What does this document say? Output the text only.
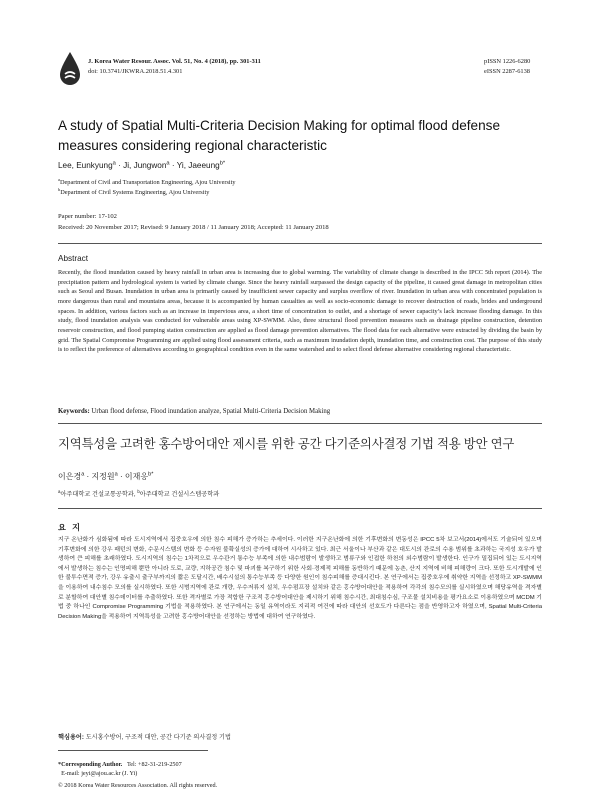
J. Korea Water Resour. Assoc. Vol. 51, No. 4 (2018), pp. 301-311
doi: 10.3741/JKWRA.2018.51.4.301
pISSN 1226-6280
eISSN 2287-6138
A study of Spatial Multi-Criteria Decision Making for optimal flood defense measures considering regional characteristic
Lee, Eunkyung$^a$ · Ji, Jungwon$^a$ · Yi, Jaeeung$^{b*}$
$^a$Department of Civil and Transportation Engineering, Ajou University
$^b$Department of Civil Systems Engineering, Ajou University
Paper number: 17-102
Received: 20 November 2017; Revised: 9 January 2018 / 11 January 2018; Accepted: 11 January 2018
Abstract

Recently, the flood inundation caused by heavy rainfall in urban area is increasing due to global warming. The variability of climate change is described in the IPCC 5th report (2014). The precipitation pattern and hydrological system is varied by climate change. Since the heavy rainfall surpassed the design capacity of the pipeline, it caused great damage in metropolitan cities such as Seoul and Busan. Inundation in urban area is primarily caused by insufficient sewer capacity and surplus overflow of river. Inundation in urban area with concentrated population is more dangerous than rural and mountains areas, because it is accompanied by human casualties as well as socio-economic damage to recover destruction of roads, brides and underground spaces. In addition, various factors such as an increase in impervious area, a short time of concentration to outlet, and a shortage of sewer capacity’s lack increase flooding damage. In this study, flood inundation analysis was conducted for vulnerable areas using XP-SWMM. Also, three structural flood prevention measures such as drainage pipeline construction, detention reservoir construction, and flood pumping station construction are applied as flood damage prevention alternatives. The flood data for each alternative were extracted by dividing the basin by grid. The Spatial Compromise Programming are applied using flood assessment criteria, such as maximum inundation depth, inundation time, and construction cost. The purpose of this study is to reflect the preference of alternatives according to geographical condition even in the same watershed and to select flood defense alternative considering regional characteristic.

Keywords: Urban flood defense, Flood inundation analyze, Spatial Multi-Criteria Decision Making
지역특성을 고려한 홍수방어대안 제시를 위한 공간 다기준의사결정 기법 적용 방안 연구
이은경$^a$ · 지정원$^a$ · 이재응$^{b*}$
$^a$아주대학교 건설교통공학과, $^b$아주대학교 건설시스템공학과
요 지

지구 온난화가 심화됨에 따라 도시지역에서 집중호우에 의한 침수 피해가 증가하는 추세이다. 이러한 지구온난화에 의한 기후변화의 변동성은 IPCC 5차 보고서(2014)에서도 기술되어 있으며 기후변화에 의한 강우 패턴의 변화, 수문시스템의 변화 등 수자원 불확실성의 증가에 대하여 시사하고 있다. 최근 서울이나 부산과 같은 대도시의 관로의 수용 범위를 초과하는 국지성 호우가 발생하여 큰 피해를 초래하였다. 도시지역의 침수는 1차적으로 우수관거 통수능 부족에 의한 내수범람이 발생하고 범류구와 인접한 하천의 외수범람이 발생한다. 인구가 밀집되어 있는 도시지역에서 발생하는 침수는 인명피해 뿐만 아니라 도로, 교량, 지하공간 침수 및 파괴를 복구하기 위한 사회·경제적 피해를 동반하기 때문에 농촌, 산지 지역에 비해 피해량이 크다. 또한 도시개발에 인한 불투수면적 증가, 강우 유출시 출구부까지의 짧은 도달시간, 배수시설의 통수능부족 등 다양한 원인이 침수피해를 증대시킨다. 본 연구에서는 집중호우에 취약한 지역을 선정하고 XP-SWMM을 이용하여 내수침수 모의를 실시하였다. 또한 시범지역에 관로 개량, 우수저류지 설치, 우수펌프장 설치와 같은 홍수방어대안을 적용하여 각각의 침수모의를 실시하였으며 해당유역을 격자별로 분할하여 대안별 침수데이터를 추출하였다. 또한 격자별로 가장 적합한 구조적 홍수방어대안을 제시하기 위해 침수시간, 최대침수심, 구조물 설치비용을 평가요소로 이용하였으며 MCDM 기법 중 하나인 Compromise Programming 기법을 적용하였다. 본 연구에서는 동일 유역이라도 지리적 여건에 따라 대안의 선호도가 다른다는 점을 반영하고자 하였으며, Spatial Multi-Criteria Decision Making을 적용하여 지역특성을 고려한 홍수방어대안을 선정하는 방법에 대하여 연구하였다.

핵심용어: 도시홍수방어, 구조적 대안, 공간 다기준 의사결정 기법
*Corresponding Author. Tel: +82-31-219-2507
E-mail: jeyi@ajou.ac.kr (J. Yi)
© 2018 Korea Water Resources Association. All rights reserved.
